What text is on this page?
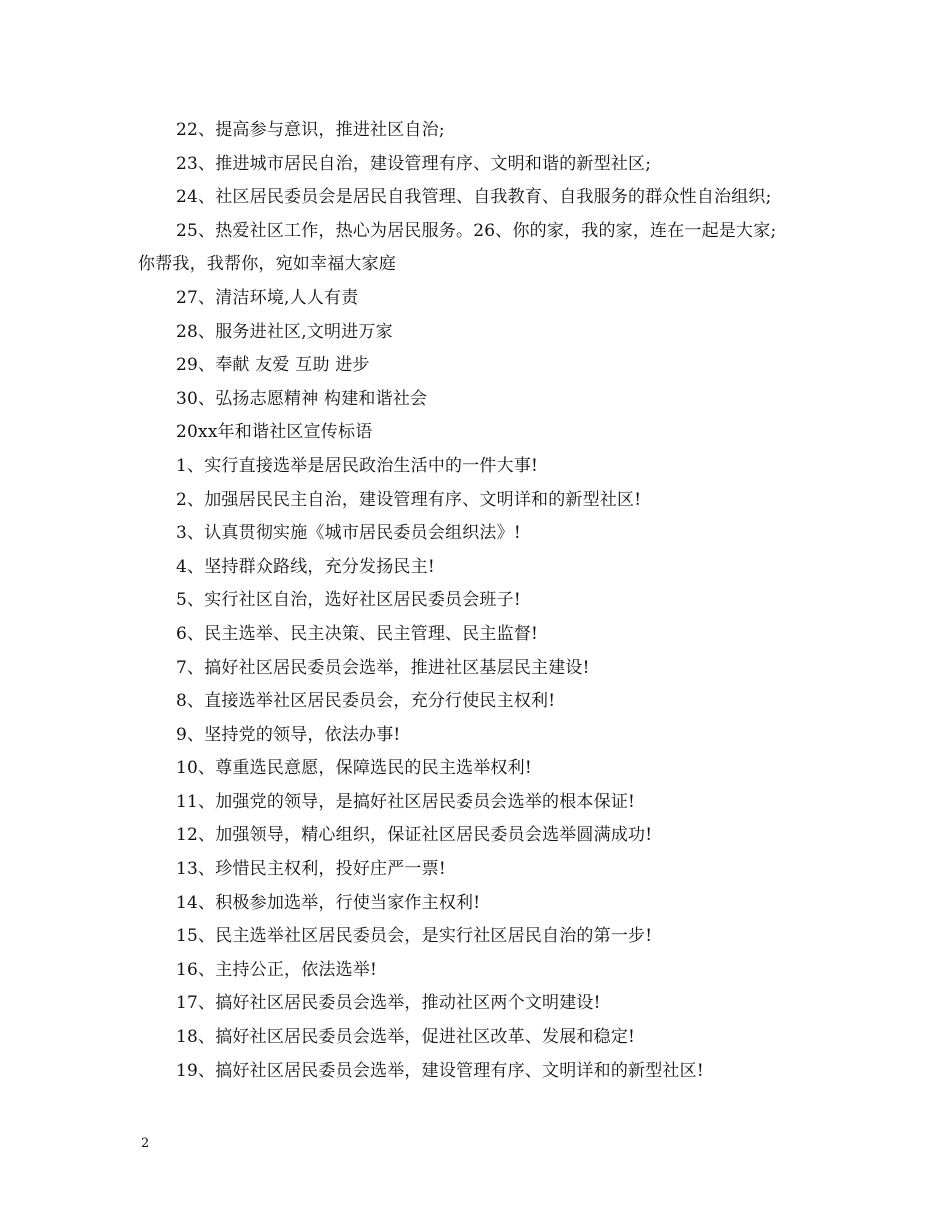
22、提高参与意识，推进社区自治;
23、推进城市居民自治，建设管理有序、文明和谐的新型社区;
24、社区居民委员会是居民自我管理、自我教育、自我服务的群众性自治组织;
25、热爱社区工作，热心为居民服务。26、你的家，我的家，连在一起是大家;
你帮我，我帮你，宛如幸福大家庭
27、清洁环境,人人有责
28、服务进社区,文明进万家
29、奉献 友爱 互助 进步
30、弘扬志愿精神 构建和谐社会
20xx年和谐社区宣传标语
1、实行直接选举是居民政治生活中的一件大事!
2、加强居民民主自治，建设管理有序、文明详和的新型社区!
3、认真贯彻实施《城市居民委员会组织法》!
4、坚持群众路线，充分发扬民主!
5、实行社区自治，选好社区居民委员会班子!
6、民主选举、民主决策、民主管理、民主监督!
7、搞好社区居民委员会选举，推进社区基层民主建设!
8、直接选举社区居民委员会，充分行使民主权利!
9、坚持党的领导，依法办事!
10、尊重选民意愿，保障选民的民主选举权利!
11、加强党的领导，是搞好社区居民委员会选举的根本保证!
12、加强领导，精心组织，保证社区居民委员会选举圆满成功!
13、珍惜民主权利，投好庄严一票!
14、积极参加选举，行使当家作主权利!
15、民主选举社区居民委员会，是实行社区居民自治的第一步!
16、主持公正，依法选举!
17、搞好社区居民委员会选举，推动社区两个文明建设!
18、搞好社区居民委员会选举，促进社区改革、发展和稳定!
19、搞好社区居民委员会选举，建设管理有序、文明详和的新型社区!
2
